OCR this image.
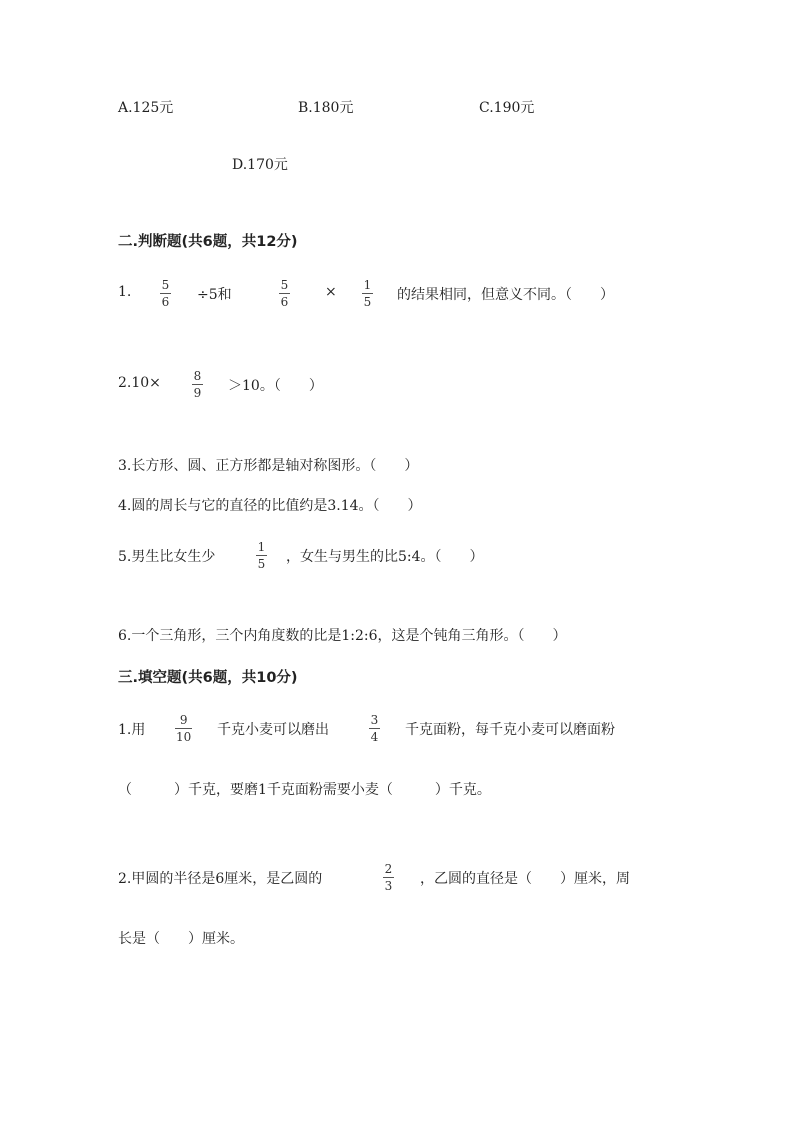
A.125元	B.180元	C.190元
D.170元
二.判断题(共6题，共12分)
1.	5
6 ÷5和
5
6
× 1
5 的结果相同，但意义不同。（　　）
2.10×	8
9 ＞10。（　　）
3.长方形、圆、正方形都是轴对称图形。（　　）
4.圆的周长与它的直径的比值约是3.14。（　　）
5.男生比女生少
1
5 ，女生与男生的比5:4。（　　）
6.一个三角形，三个内角度数的比是1:2:6，这是个钝角三角形。（　　）
三.填空题(共6题，共10分)
1.用
9
10 千克小麦可以磨出
3
4 千克面粉，每千克小麦可以磨面粉
（　　　）千克，要磨1千克面粉需要小麦（　　　）千克。
2.甲圆的半径是6厘米，是乙圆的
2
3 ，乙圆的直径是（　　）厘米，周
长是（　　）厘米。
